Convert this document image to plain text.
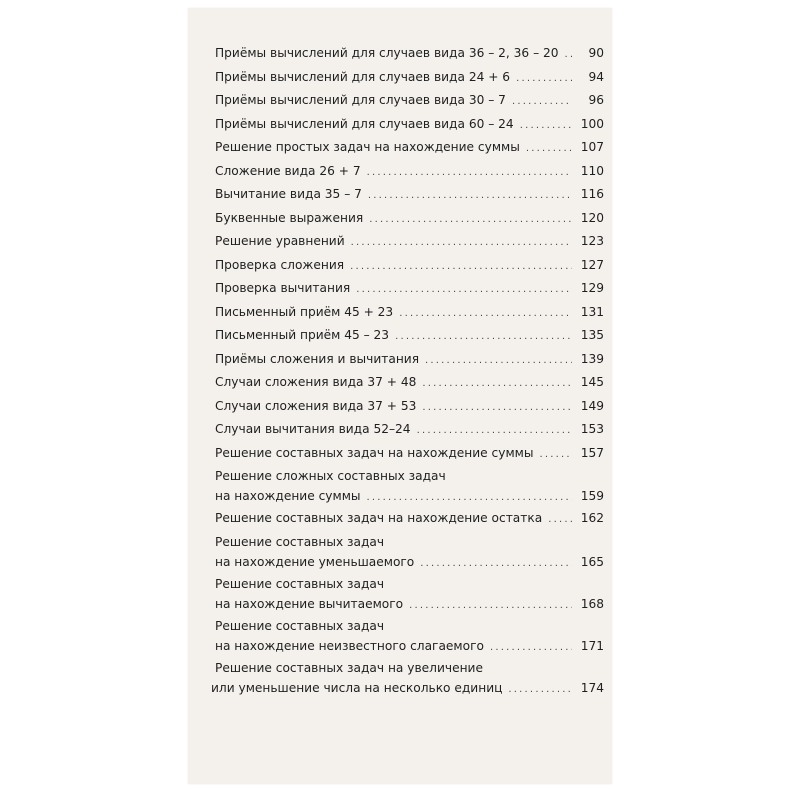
Приёмы вычислений для случаев вида 36 – 2, 36 – 20 .....	90
Приёмы вычислений для случаев вида 24 + 6 .....	94
Приёмы вычислений для случаев вида 30 – 7 .....	96
Приёмы вычислений для случаев вида 60 – 24 .....	100
Решение простых задач на нахождение суммы .....	107
Сложение вида 26 + 7 .....	110
Вычитание вида 35 – 7 .....	116
Буквенные выражения .....	120
Решение уравнений .....	123
Проверка сложения .....	127
Проверка вычитания .....	129
Письменный приём 45 + 23 .....	131
Письменный приём 45 – 23 .....	135
Приёмы сложения и вычитания .....	139
Случаи сложения вида 37 + 48 .....	145
Случаи сложения вида 37 + 53 .....	149
Случаи вычитания вида 52–24 .....	153
Решение составных задач на нахождение суммы .....	157
Решение сложных составных задач
на нахождение суммы .....	159
Решение составных задач на нахождение остатка .....	162
Решение составных задач
на нахождение уменьшаемого .....	165
Решение составных задач
на нахождение вычитаемого .....	168
Решение составных задач
на нахождение неизвестного слагаемого .....	171
Решение составных задач на увеличение
или уменьшение числа на несколько единиц .....	174
